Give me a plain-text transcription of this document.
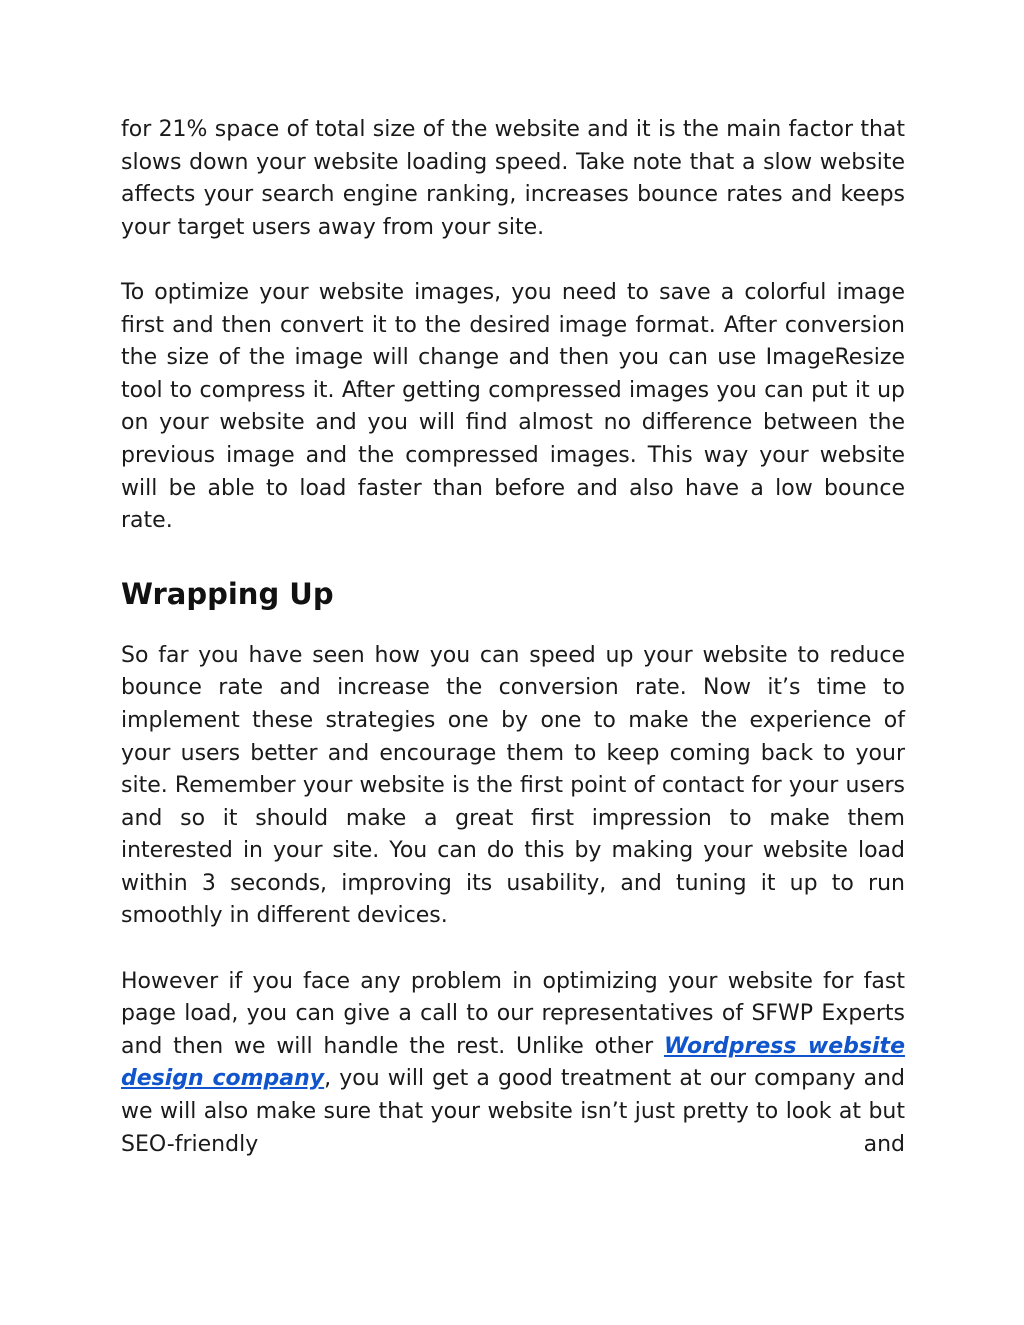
for 21% space of total size of the website and it is the main factor that slows down your website loading speed. Take note that a slow website affects your search engine ranking, increases bounce rates and keeps your target users away from your site.

To optimize your website images, you need to save a colorful image first and then convert it to the desired image format. After conversion the size of the image will change and then you can use ImageResize tool to compress it. After getting compressed images you can put it up on your website and you will find almost no difference between the previous image and the compressed images. This way your website will be able to load faster than before and also have a low bounce rate.

Wrapping Up

So far you have seen how you can speed up your website to reduce bounce rate and increase the conversion rate. Now it’s time to implement these strategies one by one to make the experience of your users better and encourage them to keep coming back to your site. Remember your website is the first point of contact for your users and so it should make a great first impression to make them interested in your site. You can do this by making your website load within 3 seconds, improving its usability, and tuning it up to run smoothly in different devices.

However if you face any problem in optimizing your website for fast page load, you can give a call to our representatives of SFWP Experts and then we will handle the rest. Unlike other Wordpress website design company, you will get a good treatment at our company and we will also make sure that your website isn’t just pretty to look at but SEO-friendly and
